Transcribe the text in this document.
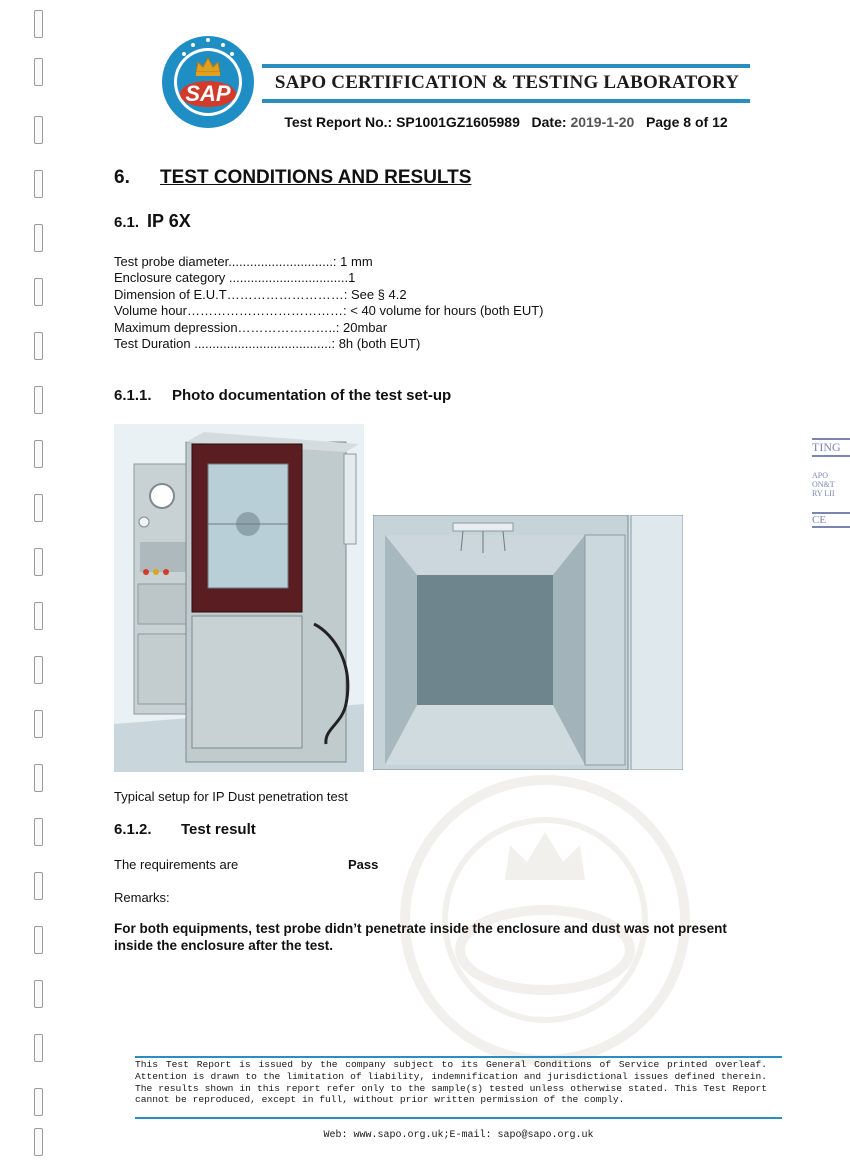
SAP	SAPO CERTIFICATION & TESTING LABORATORY
Test Report No.: SP1001GZ1605989 Date: 2019-1-20 Page 8 of 12
6. TEST CONDITIONS AND RESULTS
6.1. IP 6X
Test probe diameter.............................: 1 mm
Enclosure category .................................1
Dimension of E.U.T………………………: See § 4.2
Volume hour………………………………: < 40 volume for hours (both EUT)
Maximum depression…………………..: 20mbar
Test Duration ......................................: 8h (both EUT)
6.1.1. Photo documentation of the test set-up
Typical setup for IP Dust penetration test
6.1.2. Test result
The requirements are	Pass
Remarks:
For both equipments, test probe didn’t penetrate inside the enclosure and dust was not present inside the enclosure after the test.
TING
APO
ON&T
RY LII
CE
This Test Report is issued by the company subject to its General Conditions of Service printed overleaf. Attention is drawn to the limitation of liability, indemnification and jurisdictional issues defined therein. The results shown in this report refer only to the sample(s) tested unless otherwise stated. This Test Report cannot be reproduced, except in full, without prior written permission of the comply.
Web: www.sapo.org.uk;E-mail: sapo@sapo.org.uk
